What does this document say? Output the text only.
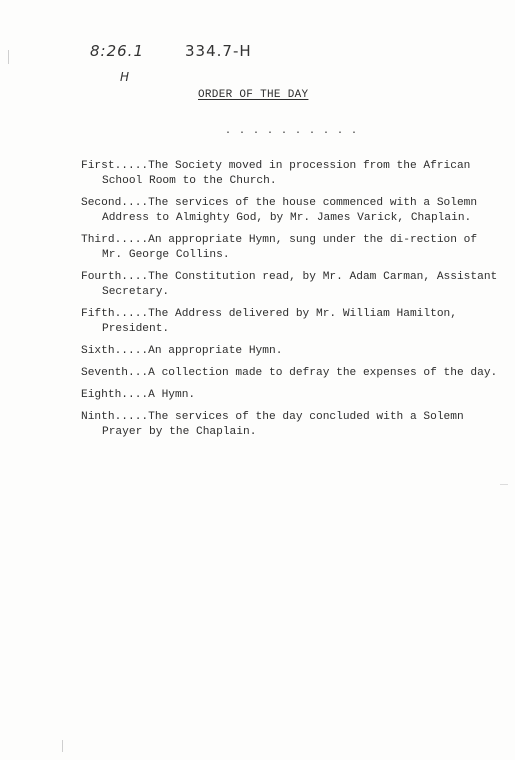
8:26.1	334.7-H
H
ORDER OF THE DAY
. . . . . . . . . .
First.....The Society moved in procession from the African School Room to the Church.
Second....The services of the house commenced with a Solemn Address to Almighty God, by Mr. James Varick, Chaplain.
Third.....An appropriate Hymn, sung under the di-rection of Mr. George Collins.
Fourth....The Constitution read, by Mr. Adam Carman, Assistant Secretary.
Fifth.....The Address delivered by Mr. William Hamilton, President.
Sixth.....An appropriate Hymn.
Seventh...A collection made to defray the expenses of the day.
Eighth....A Hymn.
Ninth.....The services of the day concluded with a Solemn Prayer by the Chaplain.
